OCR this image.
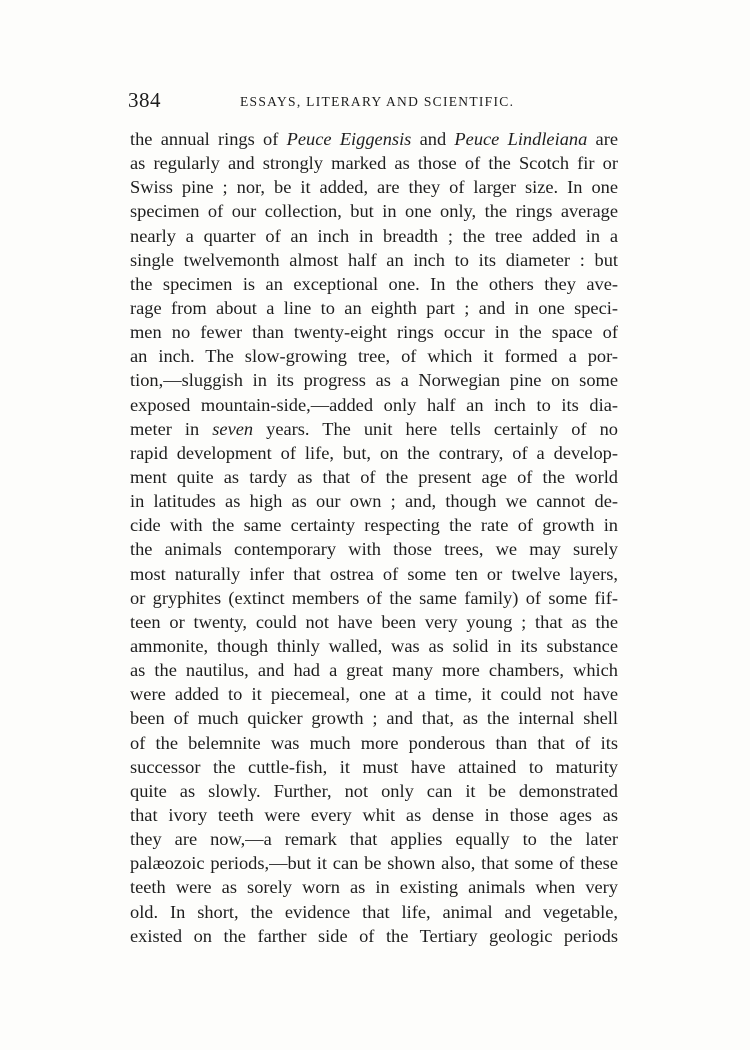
384	ESSAYS, LITERARY AND SCIENTIFIC.
the annual rings of Peuce Eiggensis and Peuce Lindleiana are
as regularly and strongly marked as those of the Scotch fir or
Swiss pine ; nor, be it added, are they of larger size. In one
specimen of our collection, but in one only, the rings average
nearly a quarter of an inch in breadth ; the tree added in a
single twelvemonth almost half an inch to its diameter : but
the specimen is an exceptional one. In the others they ave-
rage from about a line to an eighth part ; and in one speci-
men no fewer than twenty-eight rings occur in the space of
an inch. The slow-growing tree, of which it formed a por-
tion,—sluggish in its progress as a Norwegian pine on some
exposed mountain-side,—added only half an inch to its dia-
meter in seven years. The unit here tells certainly of no
rapid development of life, but, on the contrary, of a develop-
ment quite as tardy as that of the present age of the world
in latitudes as high as our own ; and, though we cannot de-
cide with the same certainty respecting the rate of growth in
the animals contemporary with those trees, we may surely
most naturally infer that ostrea of some ten or twelve layers,
or gryphites (extinct members of the same family) of some fif-
teen or twenty, could not have been very young ; that as the
ammonite, though thinly walled, was as solid in its substance
as the nautilus, and had a great many more chambers, which
were added to it piecemeal, one at a time, it could not have
been of much quicker growth ; and that, as the internal shell
of the belemnite was much more ponderous than that of its
successor the cuttle-fish, it must have attained to maturity
quite as slowly. Further, not only can it be demonstrated
that ivory teeth were every whit as dense in those ages as
they are now,—a remark that applies equally to the later
palæozoic periods,—but it can be shown also, that some of these
teeth were as sorely worn as in existing animals when very
old. In short, the evidence that life, animal and vegetable,
existed on the farther side of the Tertiary geologic periods
